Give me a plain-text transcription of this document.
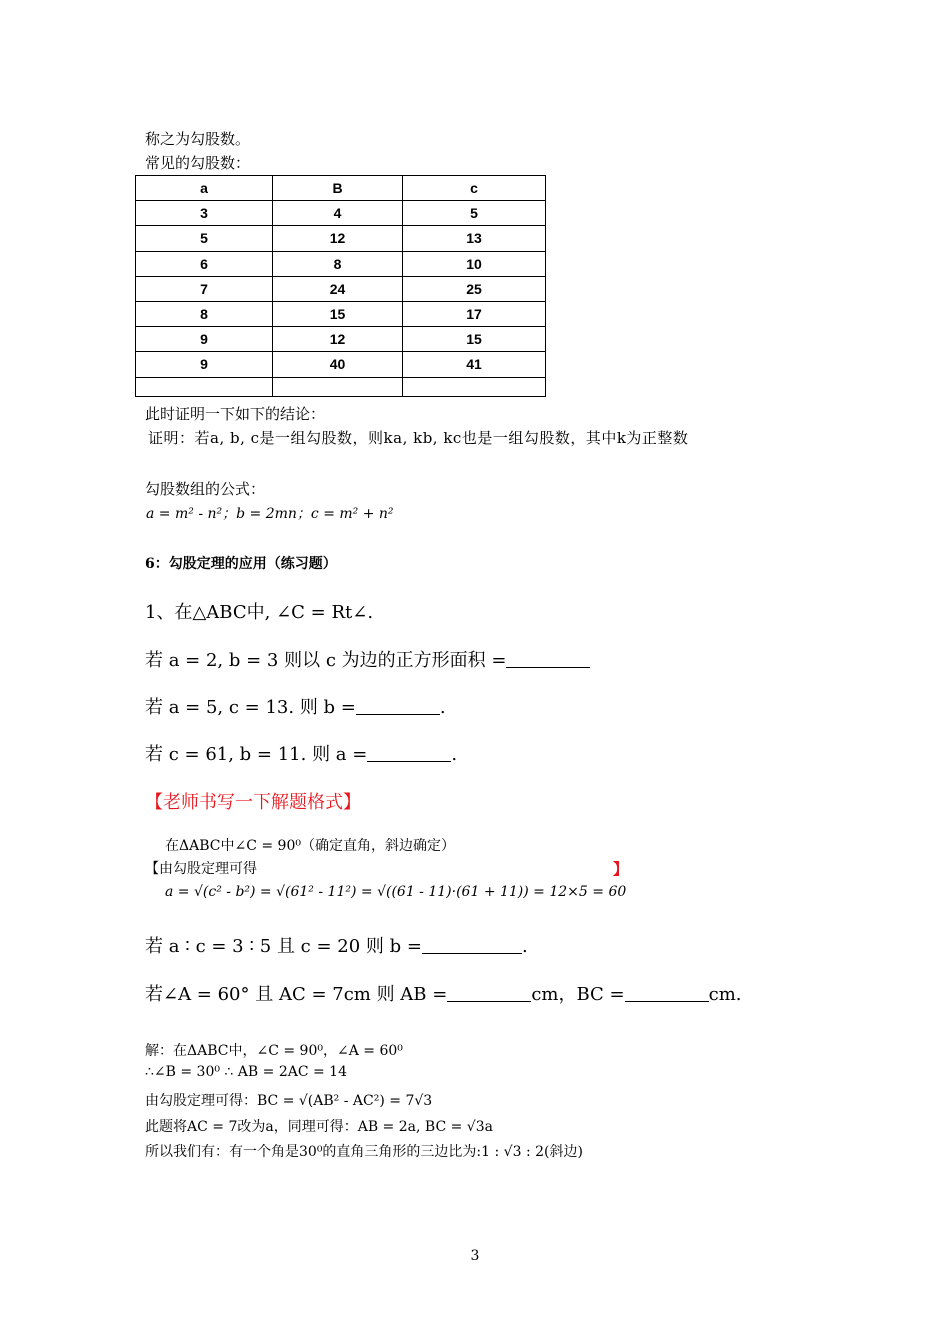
称之为勾股数。
常见的勾股数：
a	B	c
3	4	5
5	12	13
6	8	10
7	24	25
8	15	17
9	12	15
9	40	41

此时证明一下如下的结论：
证明：若a, b, c是一组勾股数，则ka, kb, kc也是一组勾股数，其中k为正整数
勾股数组的公式：
a = m² - n²；b = 2mn；c = m² + n²
6：勾股定理的应用（练习题）
1、在△ABC中, ∠C = Rt∠.
若 a = 2, b = 3 则以 c 为边的正方形面积 =
若 a = 5, c = 13. 则 b =	.
若 c = 61, b = 11. 则 a =	.
【老师书写一下解题格式】
在ΔABC中∠C = 90⁰（确定直角，斜边确定）
【由勾股定理可得	】
a = √(c² - b²) = √(61² - 11²) = √((61 - 11)·(61 + 11)) = 12×5 = 60
若 a ∶ c = 3 ∶ 5 且 c = 20 则 b =	.
若∠A = 60° 且 AC = 7cm 则 AB =	cm，BC =	cm.
解：在ΔABC中，∠C = 90⁰，∠A = 60⁰
∴∠B = 30⁰ ∴ AB = 2AC = 14
由勾股定理可得：BC = √(AB² - AC²) = 7√3
此题将AC = 7改为a，同理可得：AB = 2a, BC = √3a
所以我们有：有一个角是30⁰的直角三角形的三边比为:1 : √3 : 2(斜边)
3
